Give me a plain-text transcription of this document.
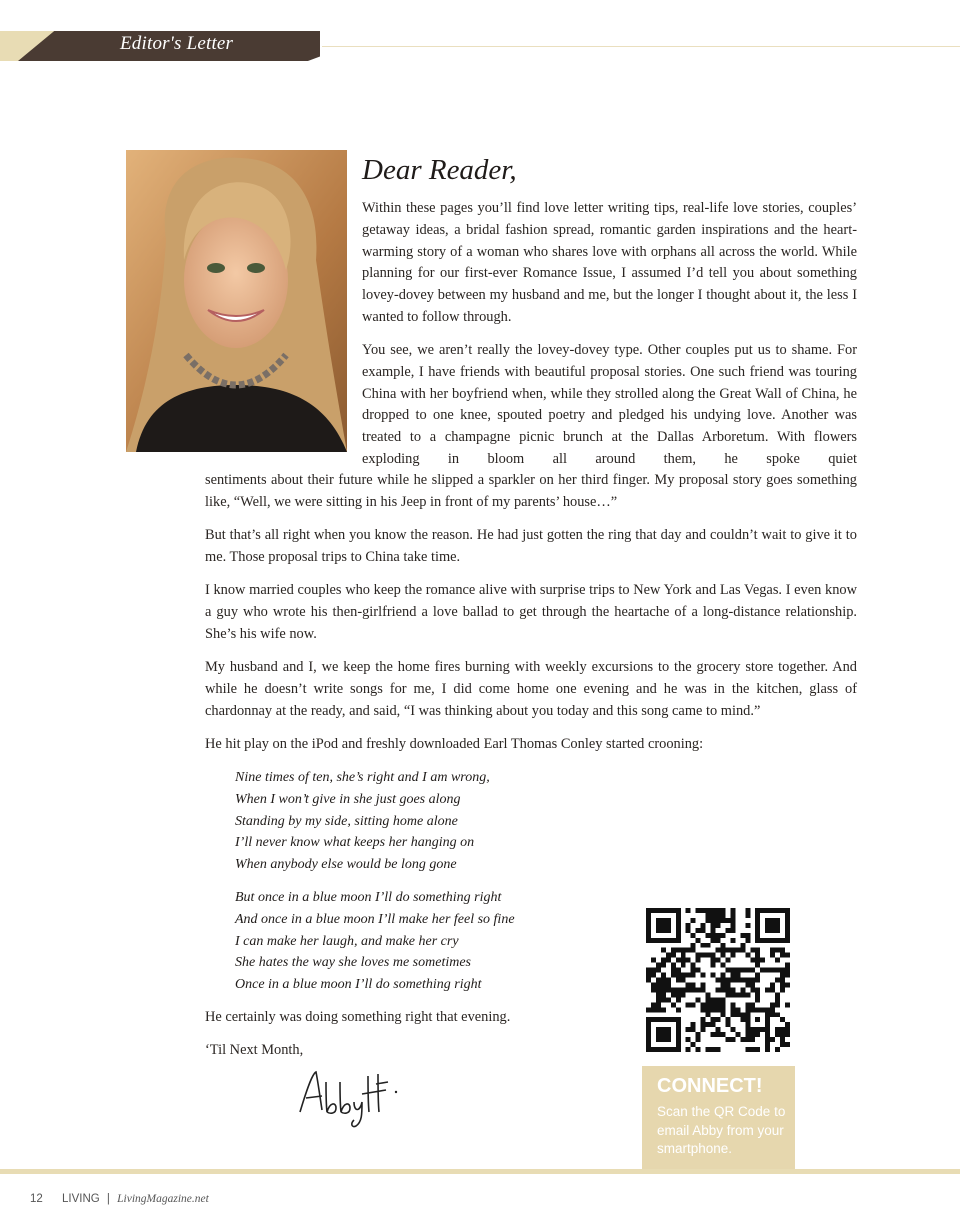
Editor's Letter
Dear Reader,
Within these pages you’ll find love letter writing tips, real-life love stories, couples’ getaway ideas, a bridal fashion spread, romantic garden inspirations and the heart-warming story of a woman who shares love with orphans all across the world. While planning for our first-ever Romance Issue, I assumed I’d tell you about something lovey-dovey between my husband and me, but the longer I thought about it, the less I wanted to follow through.
You see, we aren’t really the lovey-dovey type. Other couples put us to shame. For example, I have friends with beautiful proposal stories. One such friend was touring China with her boyfriend when, while they strolled along the Great Wall of China, he dropped to one knee, spouted poetry and pledged his undying love. Another was treated to a champagne picnic brunch at the Dallas Arboretum. With flowers exploding in bloom all around them, he spoke quiet
sentiments about their future while he slipped a sparkler on her third finger. My proposal story goes something like, “Well, we were sitting in his Jeep in front of my parents’ house…”
But that’s all right when you know the reason. He had just gotten the ring that day and couldn’t wait to give it to me. Those proposal trips to China take time.
I know married couples who keep the romance alive with surprise trips to New York and Las Vegas. I even know a guy who wrote his then-girlfriend a love ballad to get through the heartache of a long-distance relationship. She’s his wife now.
My husband and I, we keep the home fires burning with weekly excursions to the grocery store together. And while he doesn’t write songs for me, I did come home one evening and he was in the kitchen, glass of chardonnay at the ready, and said, “I was thinking about you today and this song came to mind.”
He hit play on the iPod and freshly downloaded Earl Thomas Conley started crooning:
Nine times of ten, she’s right and I am wrong,
When I won’t give in she just goes along
Standing by my side, sitting home alone
I’ll never know what keeps her hanging on
When anybody else would be long gone
But once in a blue moon I’ll do something right
And once in a blue moon I’ll make her feel so fine
I can make her laugh, and make her cry
She hates the way she loves me sometimes
Once in a blue moon I’ll do something right
He certainly was doing something right that evening.
‘Til Next Month,
CONNECT!
Scan the QR Code to email Abby from your smartphone.
12 LIVING | LivingMagazine.net
